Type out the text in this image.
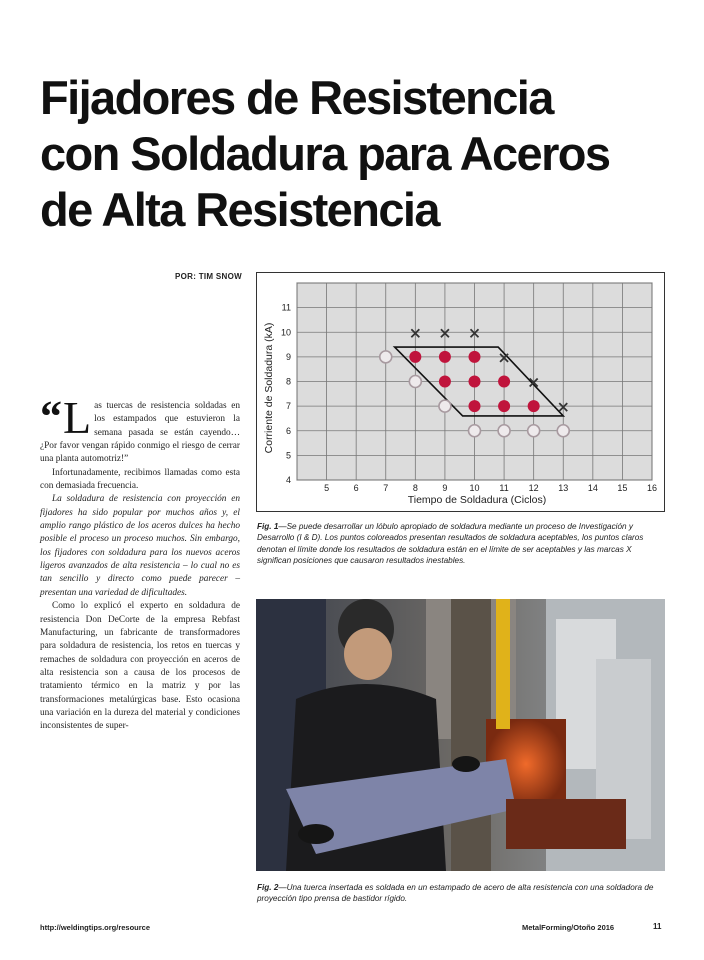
Fijadores de Resistencia
con Soldadura para Aceros
de Alta Resistencia
POR: TIM SNOW

“ L as tuercas de resistencia soldadas en los estampados que estuvieron la semana pasada se están cayendo… ¿Por favor vengan rápido conmigo el riesgo de cerrar una planta automotriz!”

Infortunadamente, recibimos llamadas como esta con demasiada frecuencia.

La soldadura de resistencia con proyección en fijadores ha sido popular por muchos años y, el amplio rango plástico de los aceros dulces ha hecho posible el proceso un proceso muchos. Sin embargo, los fijadores con soldadura para los nuevos aceros ligeros avanzados de alta resistencia – lo cual no es tan sencillo y directo como puede parecer – presentan una variedad de dificultades.

Como lo explicó el experto en soldadura de resistencia Don DeCorte de la empresa Rebfast Manufacturing, un fabricante de transformadores para soldadura de resistencia, los retos en tuercas y remaches de soldadura con proyección en aceros de alta resistencia son a causa de los procesos de tratamiento térmico en la matriz y por las transformaciones metalúrgicas base. Esto ocasiona una variación en la dureza del material y condiciones inconsistentes de super-

5	6	7	8	9 10 11 12 13 14 15 16
4
5
6
7
8
9
10
11
Tiempo de Soldadura (Ciclos)
Corriente de Soldadura (kA)
Fig. 1—Se puede desarrollar un lóbulo apropiado de soldadura mediante un proceso de Investigación y Desarrollo (I & D). Los puntos coloreados presentan resultados de soldadura aceptables, los puntos claros denotan el límite donde los resultados de soldadura están en el límite de ser aceptables y las marcas X significan posiciones que causaron resultados inestables.
Fig. 2—Una tuerca insertada es soldada en un estampado de acero de alta resistencia con una soldadora de proyección tipo prensa de bastidor rígido.
http://weldingtips.org/resource	MetalForming/Otoño 2016	11
